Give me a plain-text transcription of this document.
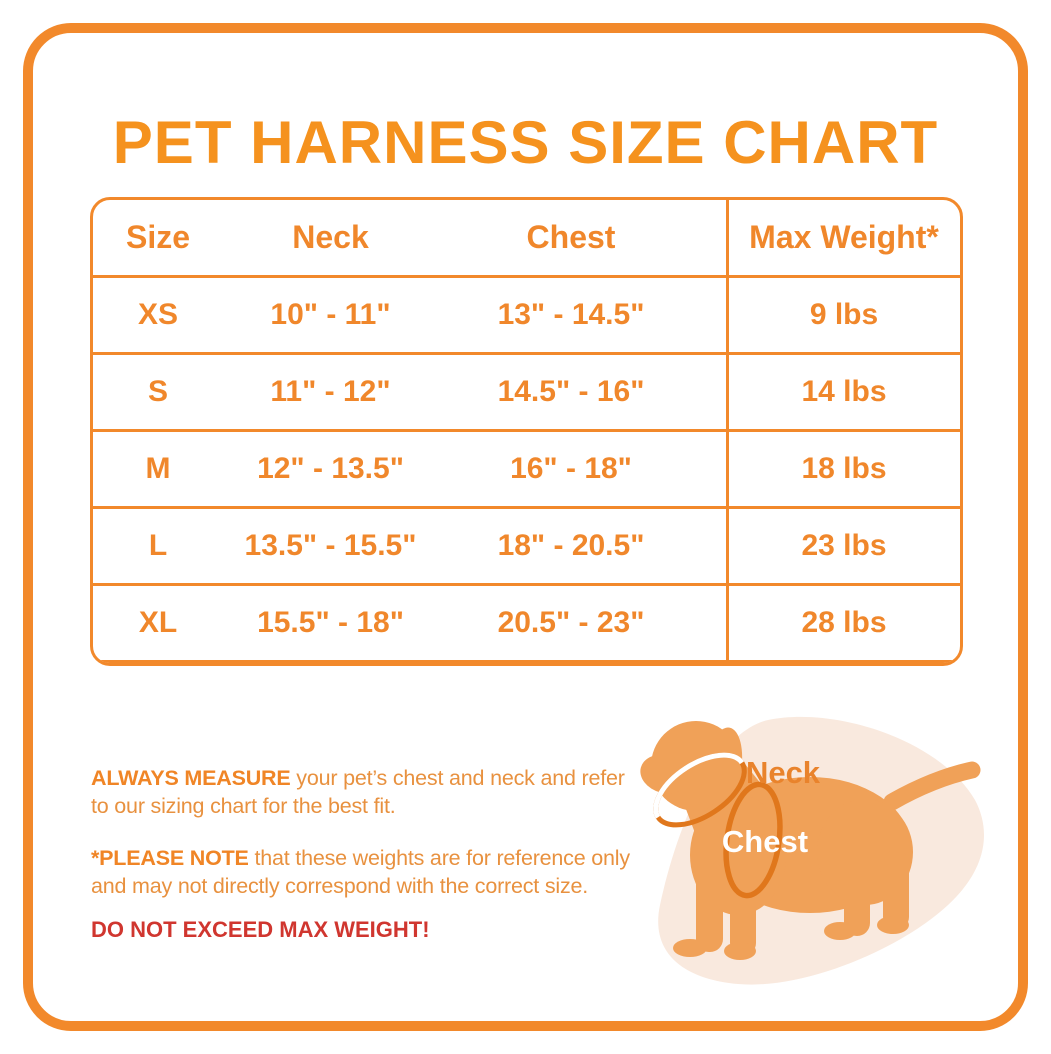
PET HARNESS SIZE CHART
Size	Neck	Chest	Max Weight*
XS	10" - 11"	13" - 14.5"	9 lbs
S	11" - 12"	14.5" - 16"	14 lbs
M	12" - 13.5"	16" - 18"	18 lbs
L	13.5" - 15.5"	18" - 20.5"	23 lbs
XL	15.5" - 18"	20.5" - 23"	28 lbs

ALWAYS MEASURE your pet’s chest and neck and refer
to our sizing chart for the best fit.

*PLEASE NOTE that these weights are for reference only
and may not directly correspond with the correct size.

DO NOT EXCEED MAX WEIGHT!

Neck
Chest
